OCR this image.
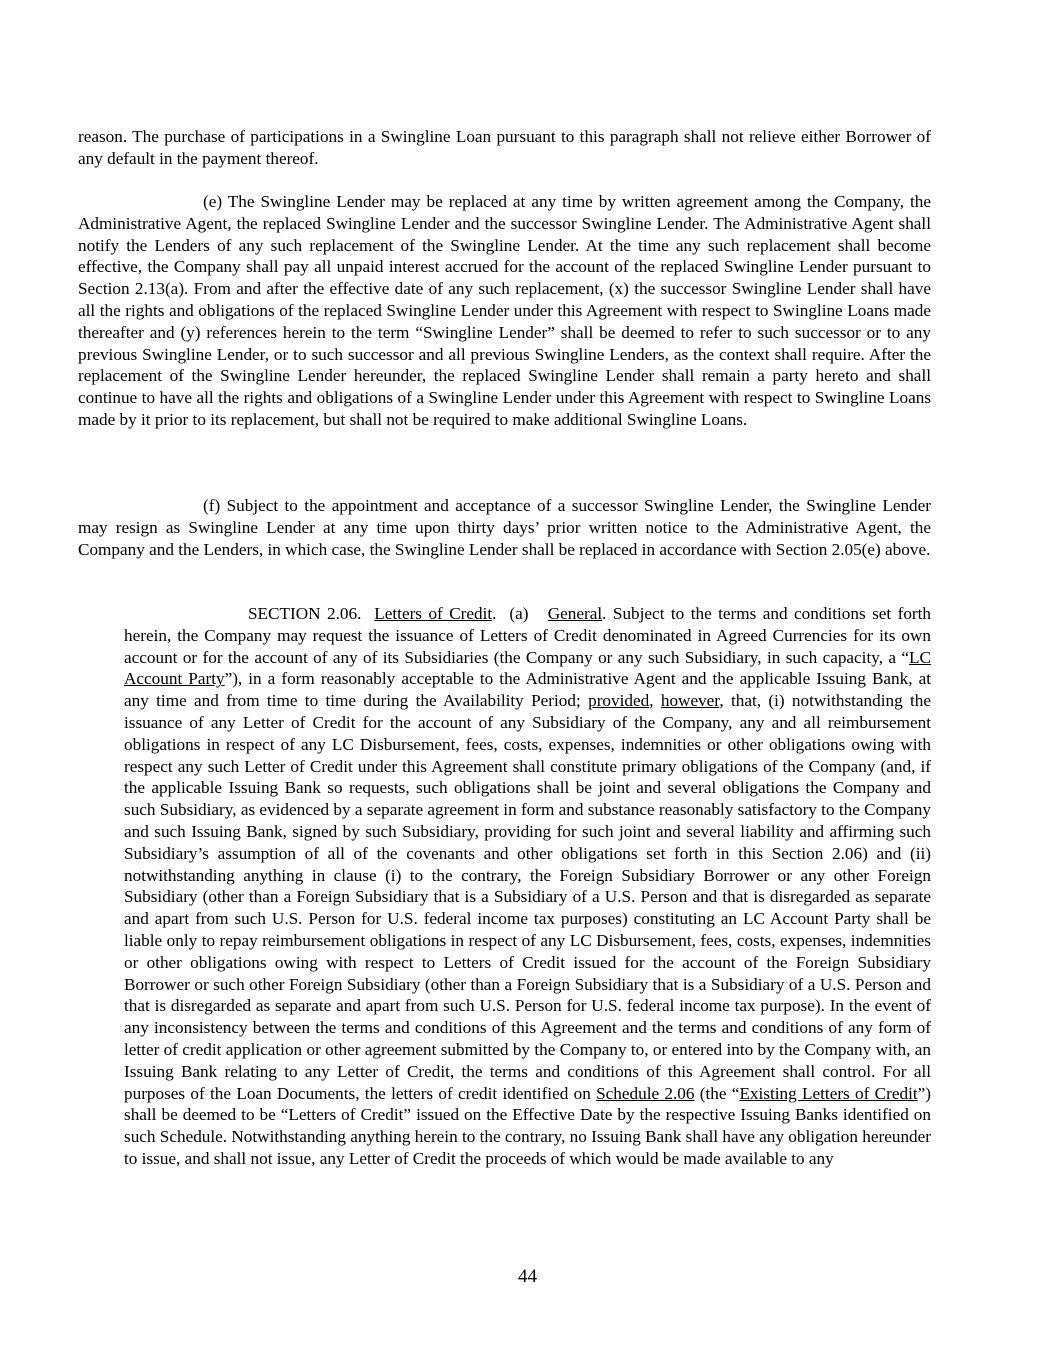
reason. The purchase of participations in a Swingline Loan pursuant to this paragraph shall not relieve either Borrower of any default in the payment thereof.

(e) The Swingline Lender may be replaced at any time by written agreement among the Company, the Administrative Agent, the replaced Swingline Lender and the successor Swingline Lender. The Administrative Agent shall notify the Lenders of any such replacement of the Swingline Lender. At the time any such replacement shall become effective, the Company shall pay all unpaid interest accrued for the account of the replaced Swingline Lender pursuant to Section 2.13(a). From and after the effective date of any such replacement, (x) the successor Swingline Lender shall have all the rights and obligations of the replaced Swingline Lender under this Agreement with respect to Swingline Loans made thereafter and (y) references herein to the term “Swingline Lender” shall be deemed to refer to such successor or to any previous Swingline Lender, or to such successor and all previous Swingline Lenders, as the context shall require. After the replacement of the Swingline Lender hereunder, the replaced Swingline Lender shall remain a party hereto and shall continue to have all the rights and obligations of a Swingline Lender under this Agreement with respect to Swingline Loans made by it prior to its replacement, but shall not be required to make additional Swingline Loans.

(f) Subject to the appointment and acceptance of a successor Swingline Lender, the Swingline Lender may resign as Swingline Lender at any time upon thirty days’ prior written notice to the Administrative Agent, the Company and the Lenders, in which case, the Swingline Lender shall be replaced in accordance with Section 2.05(e) above.

SECTION 2.06. Letters of Credit.  (a) General. Subject to the terms and conditions set forth herein, the Company may request the issuance of Letters of Credit denominated in Agreed Currencies for its own account or for the account of any of its Subsidiaries (the Company or any such Subsidiary, in such capacity, a “LC Account Party”), in a form reasonably acceptable to the Administrative Agent and the applicable Issuing Bank, at any time and from time to time during the Availability Period; provided, however, that, (i) notwithstanding the issuance of any Letter of Credit for the account of any Subsidiary of the Company, any and all reimbursement obligations in respect of any LC Disbursement, fees, costs, expenses, indemnities or other obligations owing with respect any such Letter of Credit under this Agreement shall constitute primary obligations of the Company (and, if the applicable Issuing Bank so requests, such obligations shall be joint and several obligations the Company and such Subsidiary, as evidenced by a separate agreement in form and substance reasonably satisfactory to the Company and such Issuing Bank, signed by such Subsidiary, providing for such joint and several liability and affirming such Subsidiary’s assumption of all of the covenants and other obligations set forth in this Section 2.06) and (ii) notwithstanding anything in clause (i) to the contrary, the Foreign Subsidiary Borrower or any other Foreign Subsidiary (other than a Foreign Subsidiary that is a Subsidiary of a U.S. Person and that is disregarded as separate and apart from such U.S. Person for U.S. federal income tax purposes) constituting an LC Account Party shall be liable only to repay reimbursement obligations in respect of any LC Disbursement, fees, costs, expenses, indemnities or other obligations owing with respect to Letters of Credit issued for the account of the Foreign Subsidiary Borrower or such other Foreign Subsidiary (other than a Foreign Subsidiary that is a Subsidiary of a U.S. Person and that is disregarded as separate and apart from such U.S. Person for U.S. federal income tax purpose). In the event of any inconsistency between the terms and conditions of this Agreement and the terms and conditions of any form of letter of credit application or other agreement submitted by the Company to, or entered into by the Company with, an Issuing Bank relating to any Letter of Credit, the terms and conditions of this Agreement shall control. For all purposes of the Loan Documents, the letters of credit identified on Schedule 2.06 (the “Existing Letters of Credit”) shall be deemed to be “Letters of Credit” issued on the Effective Date by the respective Issuing Banks identified on such Schedule. Notwithstanding anything herein to the contrary, no Issuing Bank shall have any obligation hereunder to issue, and shall not issue, any Letter of Credit the proceeds of which would be made available to any

44
